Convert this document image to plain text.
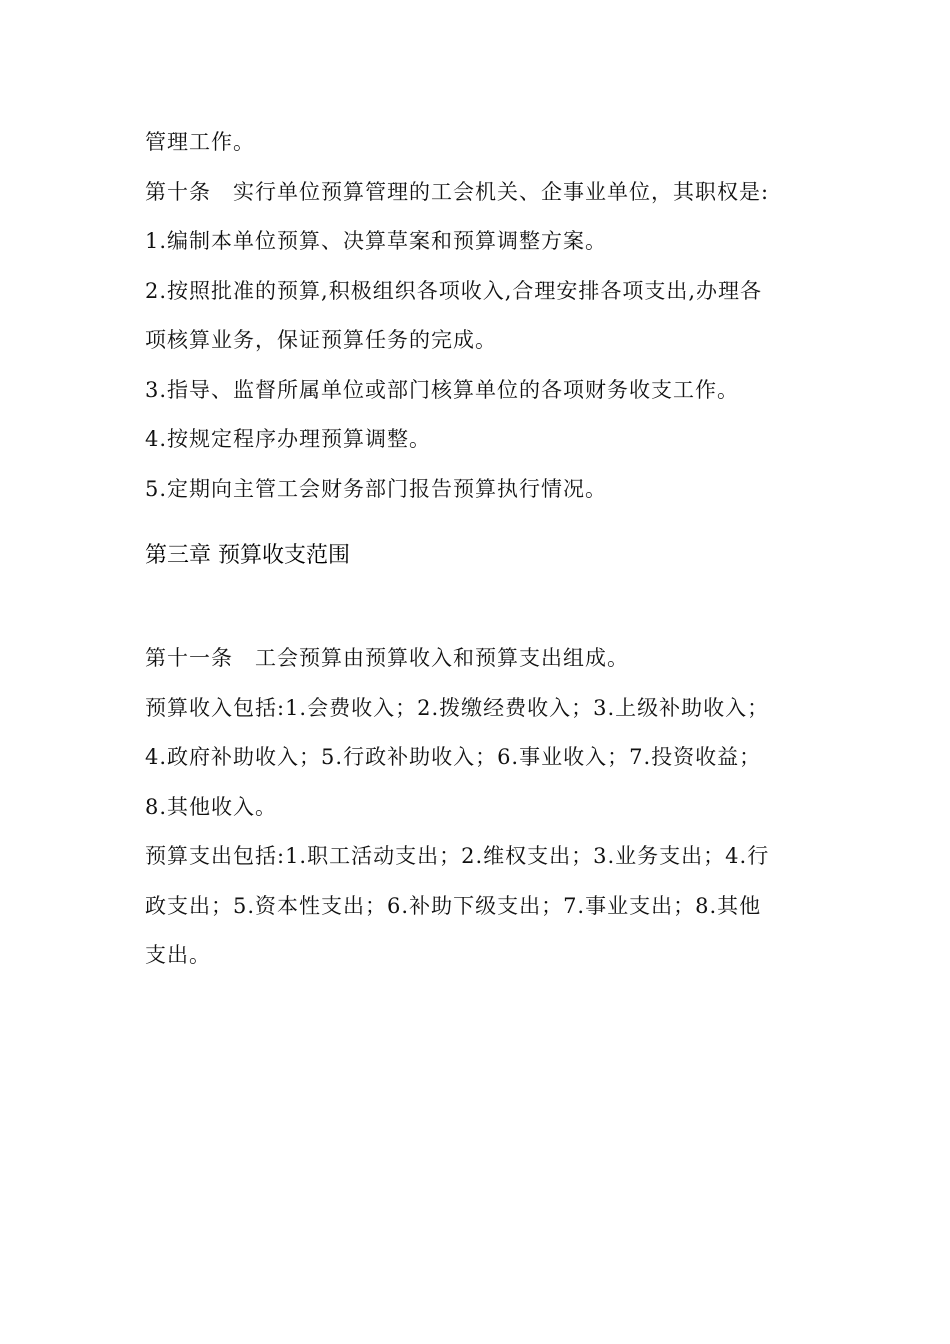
管理工作。
第十条　实行单位预算管理的工会机关、企事业单位，其职权是:
1.编制本单位预算、决算草案和预算调整方案。
2.按照批准的预算,积极组织各项收入,合理安排各项支出,办理各
项核算业务，保证预算任务的完成。
3.指导、监督所属单位或部门核算单位的各项财务收支工作。
4.按规定程序办理预算调整。
5.定期向主管工会财务部门报告预算执行情况。
第三章 预算收支范围
第十一条　工会预算由预算收入和预算支出组成。
预算收入包括:1.会费收入；2.拨缴经费收入；3.上级补助收入；
4.政府补助收入；5.行政补助收入；6.事业收入；7.投资收益；
8.其他收入。
预算支出包括:1.职工活动支出；2.维权支出；3.业务支出；4.行
政支出；5.资本性支出；6.补助下级支出；7.事业支出；8.其他
支出。
